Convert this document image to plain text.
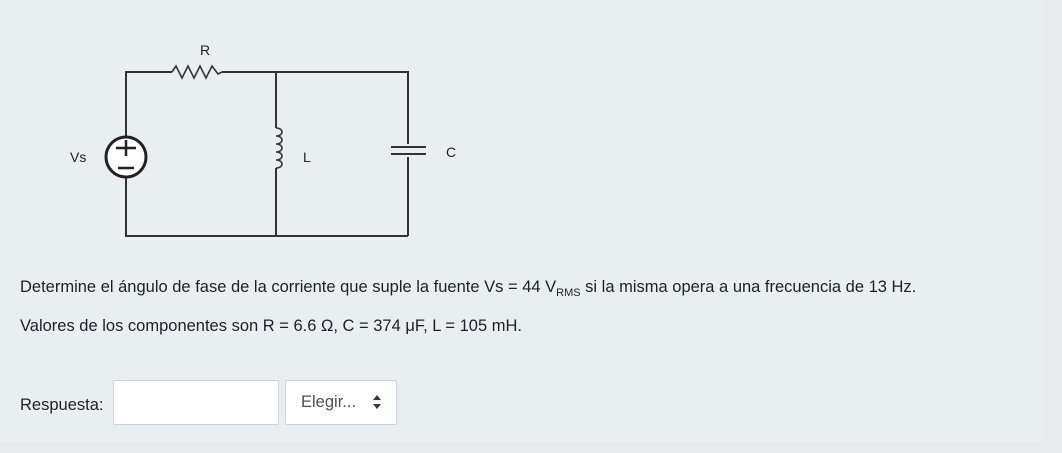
R
Vs	L	C
Determine el ángulo de fase de la corriente que suple la fuente Vs = 44 $V_{RMS}$ si la misma opera a una frecuencia de 13 Hz.
Valores de los componentes son R = 6.6 Ω, C = 374 μF, L = 105 mH.
Respuesta:	Elegir...
